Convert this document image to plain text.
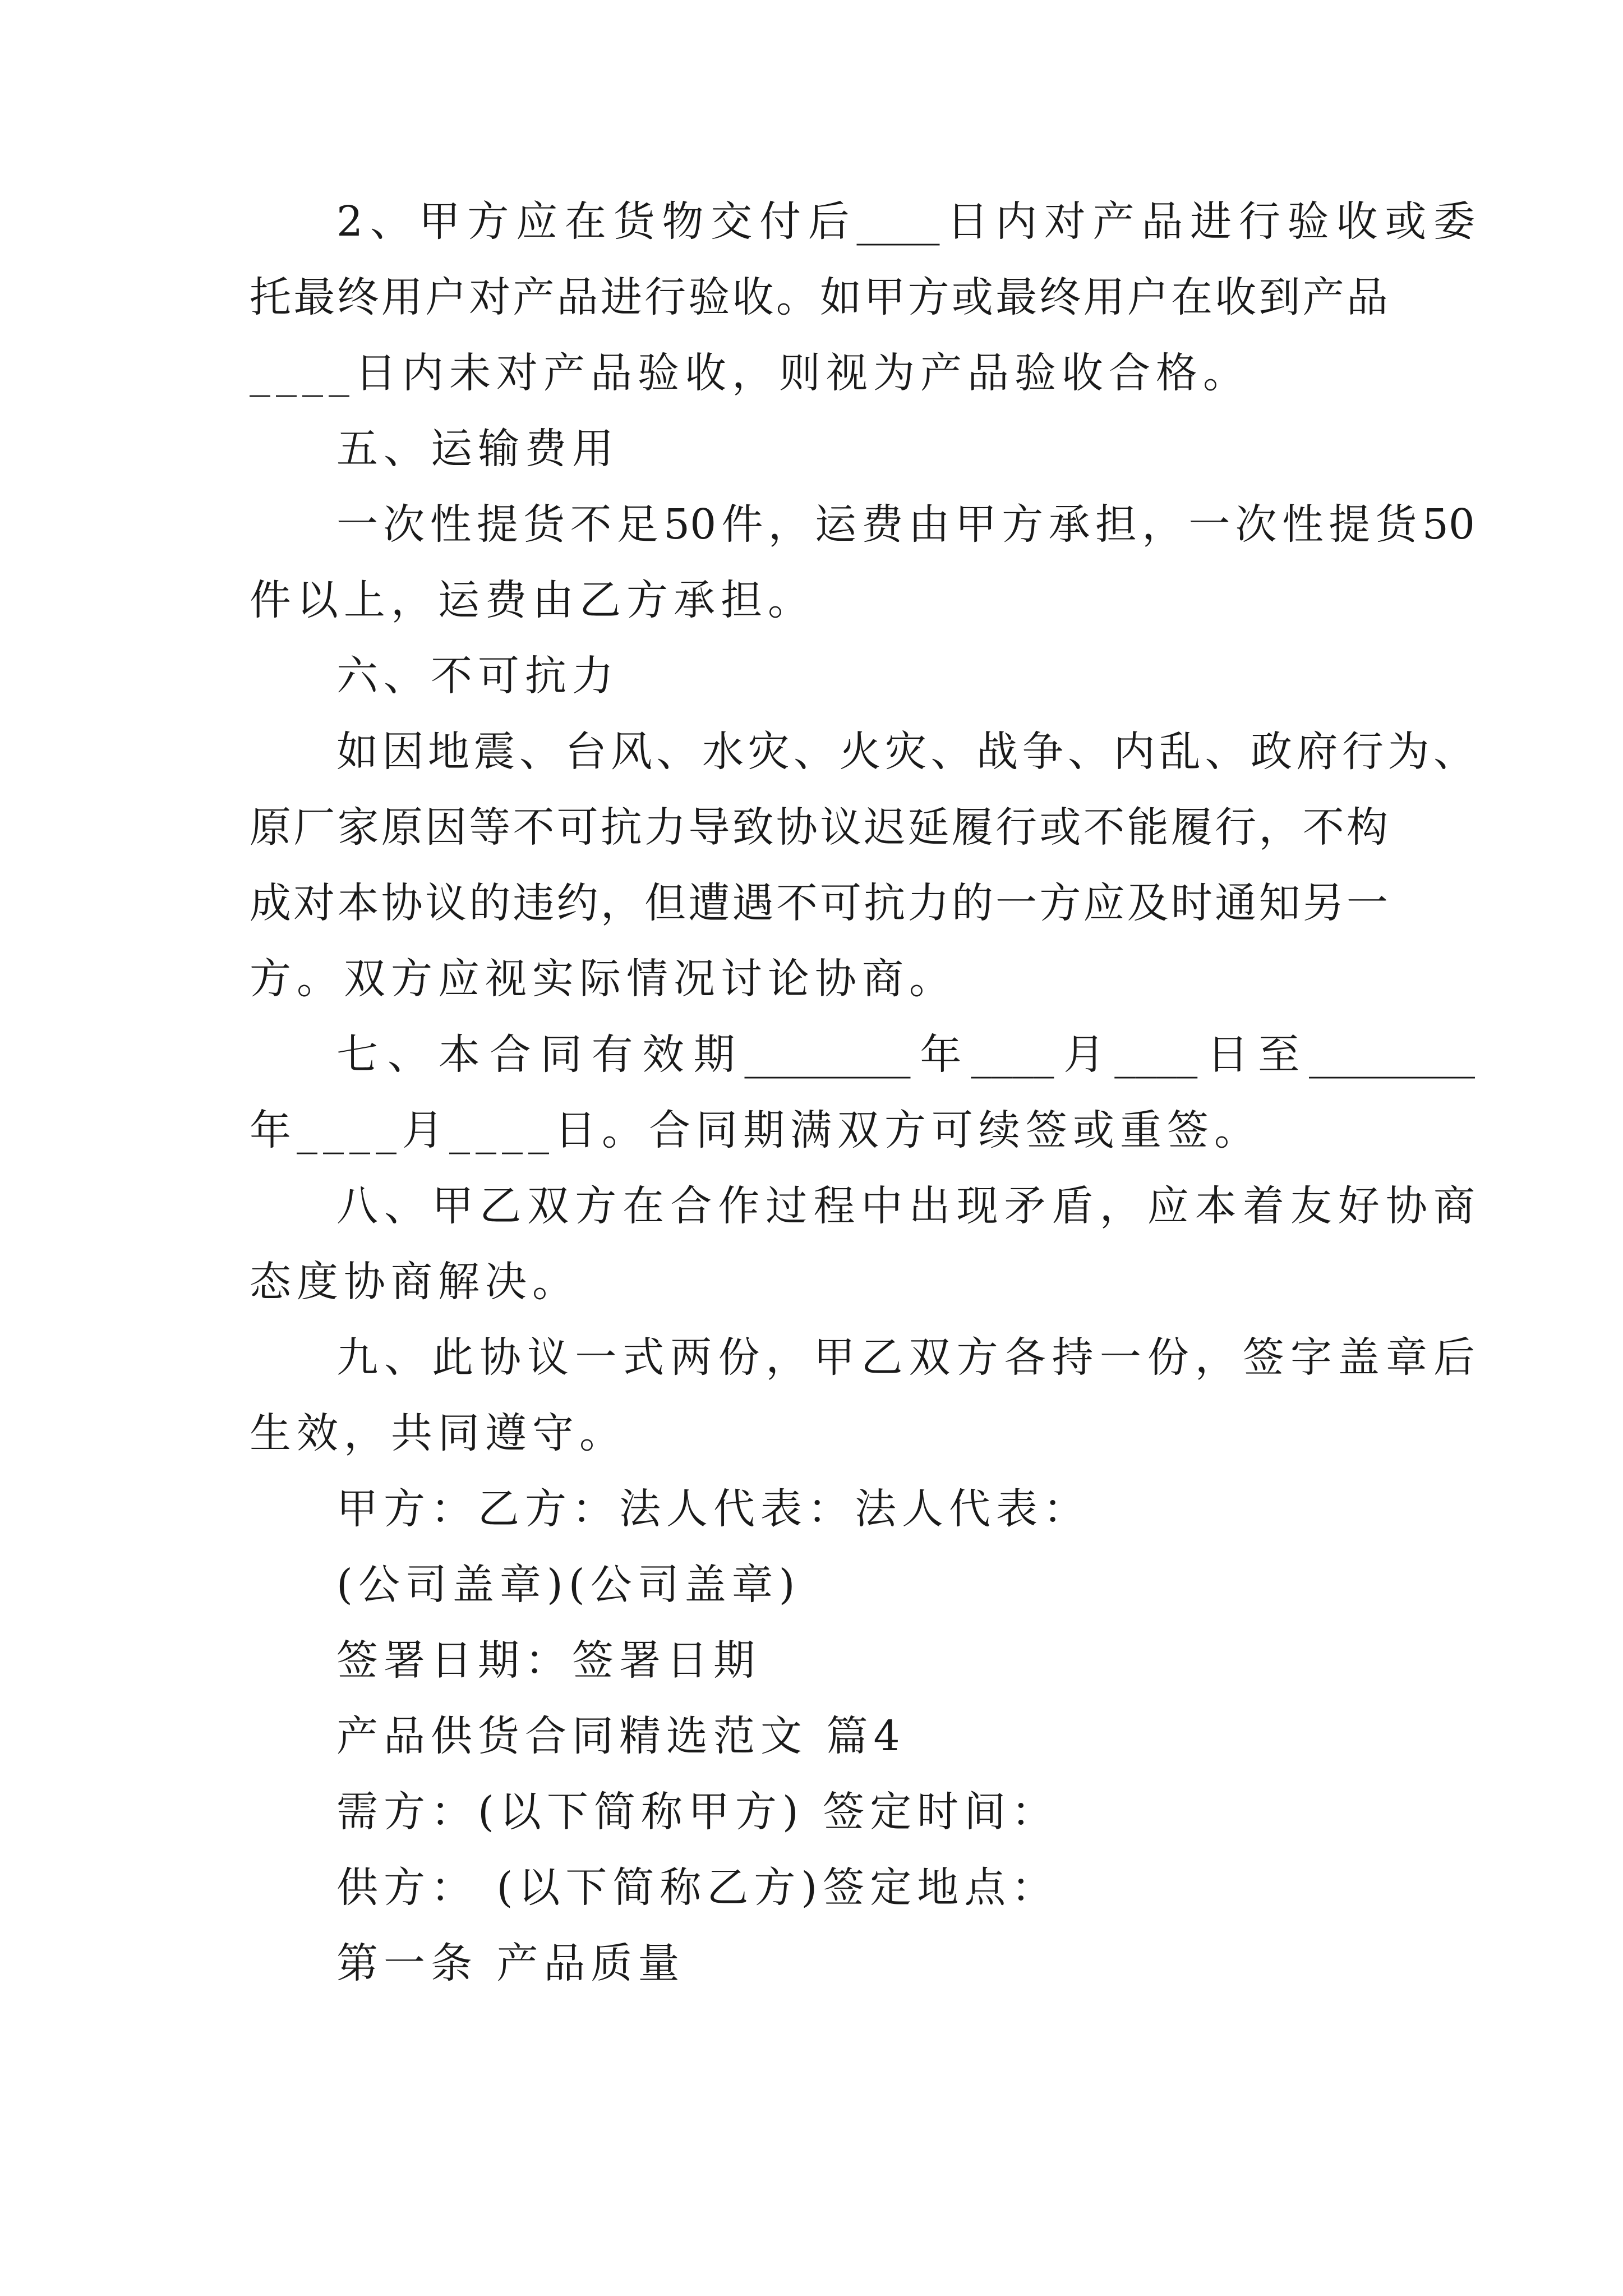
2、甲方应在货物交付后____日内对产品进行验收或委
托最终用户对产品进行验收。如甲方或最终用户在收到产品
____日内未对产品验收，则视为产品验收合格。
五、运输费用
一次性提货不足50件，运费由甲方承担，一次性提货50
件以上，运费由乙方承担。
六、不可抗力
如因地震、台风、水灾、火灾、战争、内乱、政府行为、
原厂家原因等不可抗力导致协议迟延履行或不能履行，不构
成对本协议的违约，但遭遇不可抗力的一方应及时通知另一
方。双方应视实际情况讨论协商。
七、本合同有效期________年____月____日至________
年____月____日。合同期满双方可续签或重签。
八、甲乙双方在合作过程中出现矛盾，应本着友好协商
态度协商解决。
九、此协议一式两份，甲乙双方各持一份，签字盖章后
生效，共同遵守。
甲方：乙方：法人代表：法人代表：
(公司盖章)(公司盖章)
签署日期：签署日期
产品供货合同精选范文 篇4
需方：(以下简称甲方) 签定时间：
供方： (以下简称乙方)签定地点：
第一条 产品质量
